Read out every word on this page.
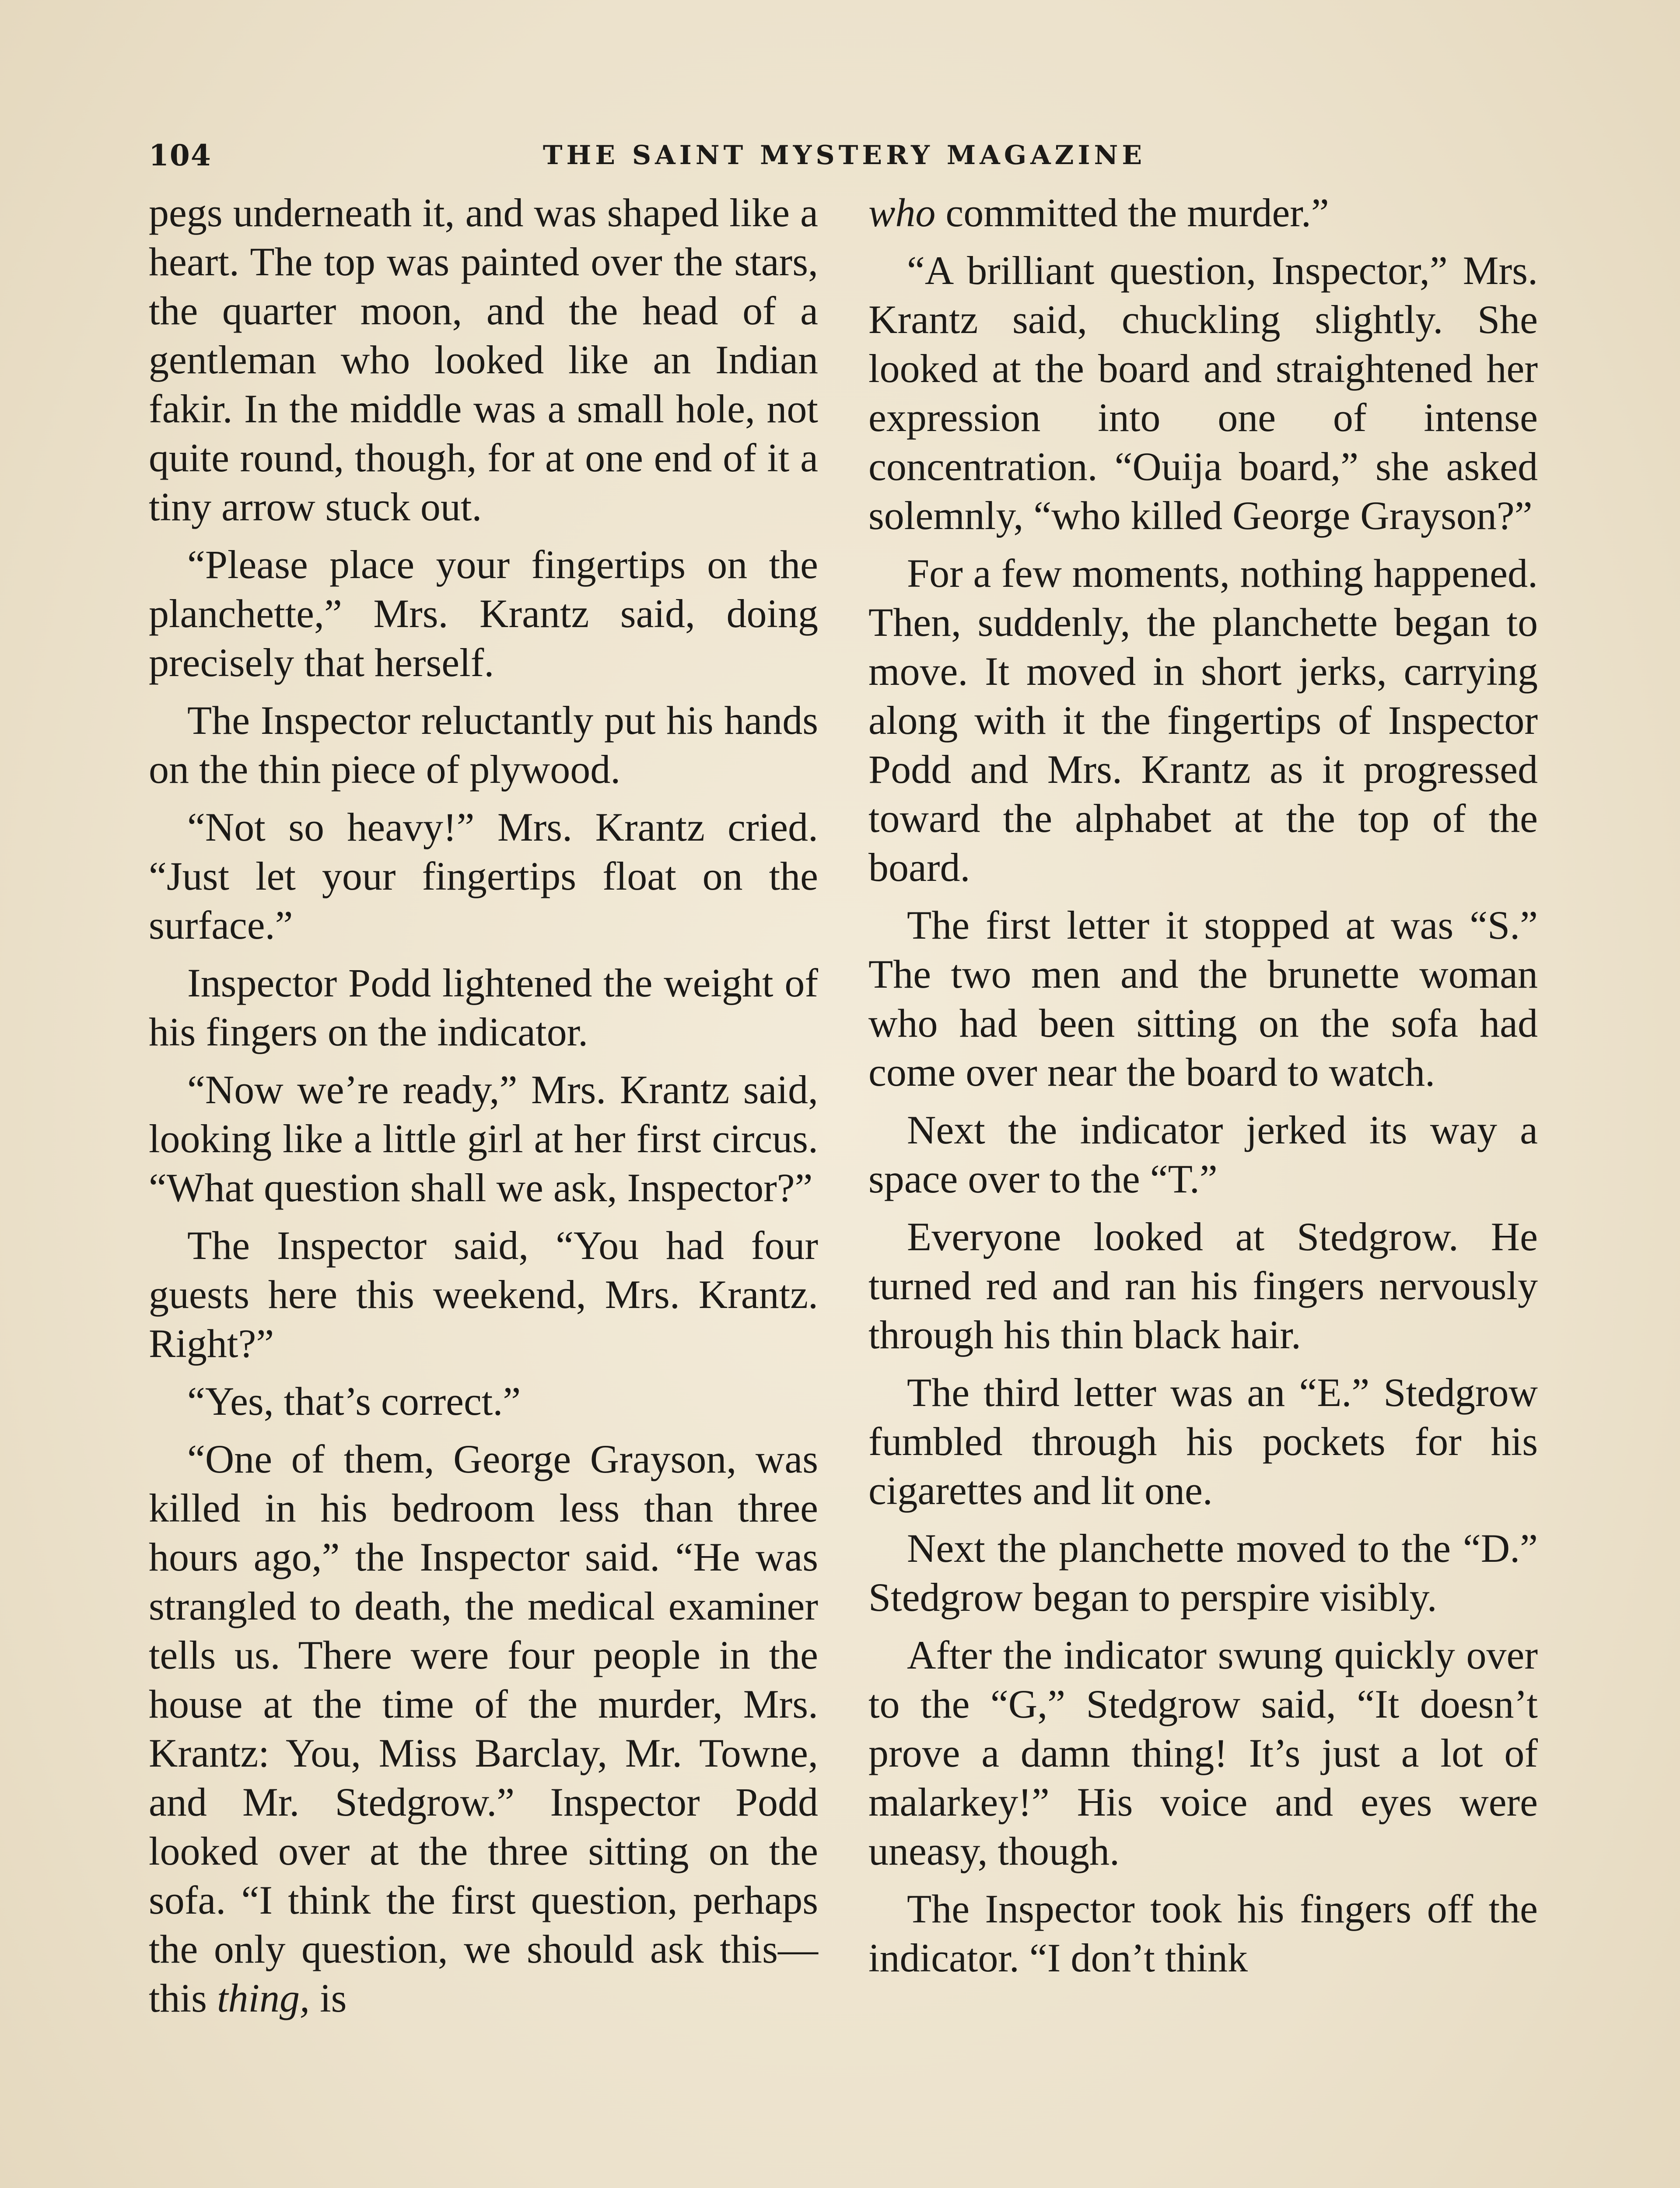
104	THE SAINT MYSTERY MAGAZINE

pegs underneath it, and was shaped like a heart. The top was painted over the stars, the quarter moon, and the head of a gentleman who looked like an Indian fakir. In the middle was a small hole, not quite round, though, for at one end of it a tiny arrow stuck out.

“Please place your fingertips on the planchette,” Mrs. Krantz said, doing precisely that herself.

The Inspector reluctantly put his hands on the thin piece of plywood.

“Not so heavy!” Mrs. Krantz cried. “Just let your fingertips float on the surface.”

Inspector Podd lightened the weight of his fingers on the indicator.

“Now we’re ready,” Mrs. Krantz said, looking like a little girl at her first circus. “What question shall we ask, Inspector?”

The Inspector said, “You had four guests here this weekend, Mrs. Krantz. Right?”

“Yes, that’s correct.”

“One of them, George Grayson, was killed in his bedroom less than three hours ago,” the Inspector said. “He was strangled to death, the medical examiner tells us. There were four people in the house at the time of the murder, Mrs. Krantz: You, Miss Barclay, Mr. Towne, and Mr. Stedgrow.” Inspector Podd looked over at the three sitting on the sofa. “I think the first question, perhaps the only question, we should ask this—this thing, is

who committed the murder.”

“A brilliant question, Inspector,” Mrs. Krantz said, chuckling slightly. She looked at the board and straightened her expression into one of intense concentration. “Ouija board,” she asked solemnly, “who killed George Grayson?”

For a few moments, nothing happened. Then, suddenly, the planchette began to move. It moved in short jerks, carrying along with it the fingertips of Inspector Podd and Mrs. Krantz as it progressed toward the alphabet at the top of the board.

The first letter it stopped at was “S.” The two men and the brunette woman who had been sitting on the sofa had come over near the board to watch.

Next the indicator jerked its way a space over to the “T.”

Everyone looked at Stedgrow. He turned red and ran his fingers nervously through his thin black hair.

The third letter was an “E.” Stedgrow fumbled through his pockets for his cigarettes and lit one.

Next the planchette moved to the “D.” Stedgrow began to perspire visibly.

After the indicator swung quickly over to the “G,” Stedgrow said, “It doesn’t prove a damn thing! It’s just a lot of malarkey!” His voice and eyes were uneasy, though.

The Inspector took his fingers off the indicator. “I don’t think
